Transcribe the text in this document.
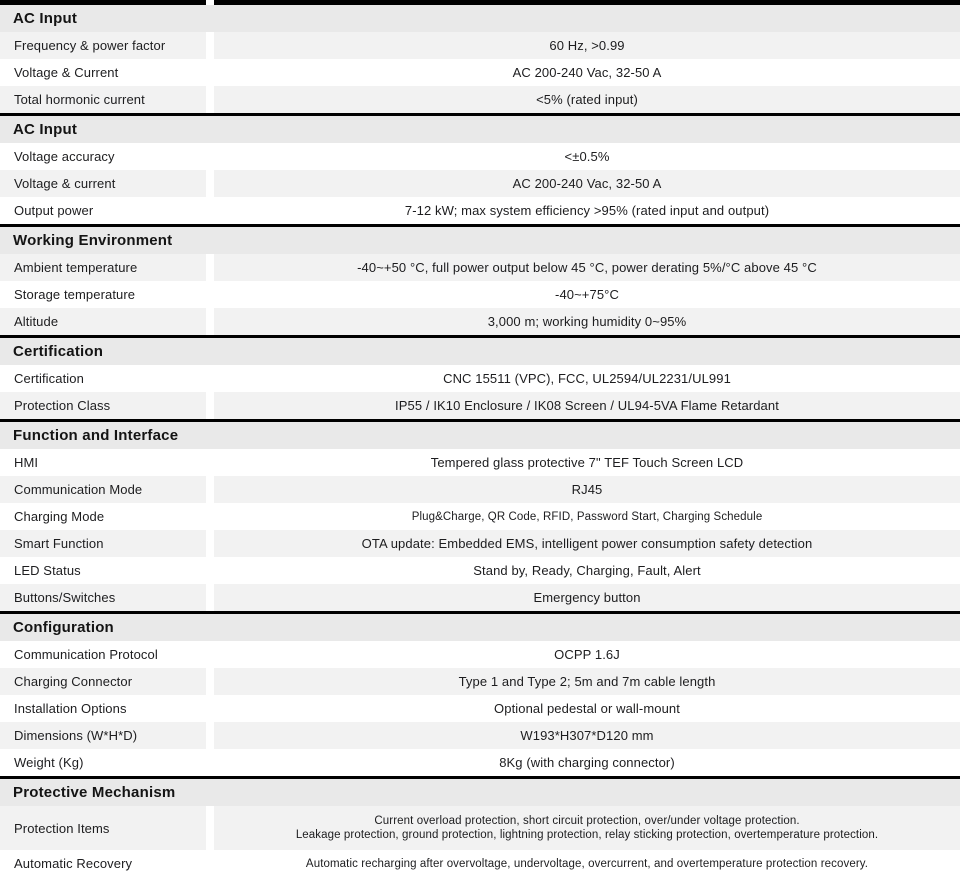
AC Input
Frequency & power factor	60 Hz, >0.99
Voltage & Current	AC 200-240 Vac, 32-50 A
Total hormonic current	<5% (rated input)
AC Input
Voltage accuracy	<±0.5%
Voltage & current	AC 200-240 Vac, 32-50 A
Output power	7-12 kW; max system efficiency >95% (rated input and output)
Working Environment
Ambient temperature	-40~+50 °C, full power output below 45 °C, power derating 5%/°C above 45 °C
Storage temperature	-40~+75°C
Altitude	3,000 m; working humidity 0~95%
Certification
Certification	CNC 15511 (VPC), FCC, UL2594/UL2231/UL991
Protection Class	IP55 / IK10 Enclosure / IK08 Screen / UL94-5VA Flame Retardant
Function and Interface
HMI	Tempered glass protective 7" TEF Touch Screen LCD
Communication Mode	RJ45
Charging Mode	Plug&Charge, QR Code, RFID, Password Start, Charging Schedule
Smart Function	OTA update: Embedded EMS, intelligent power consumption safety detection
LED Status	Stand by, Ready, Charging, Fault, Alert
Buttons/Switches	Emergency button
Configuration
Communication Protocol	OCPP 1.6J
Charging Connector	Type 1 and Type 2; 5m and 7m cable length
Installation Options	Optional pedestal or wall-mount
Dimensions (W*H*D)	W193*H307*D120 mm
Weight (Kg)	8Kg (with charging connector)
Protective Mechanism
Protection Items	Current overload protection, short circuit protection, over/under voltage protection.
Leakage protection, ground protection, lightning protection, relay sticking protection, overtemperature protection.
Automatic Recovery	Automatic recharging after overvoltage, undervoltage, overcurrent, and overtemperature protection recovery.
